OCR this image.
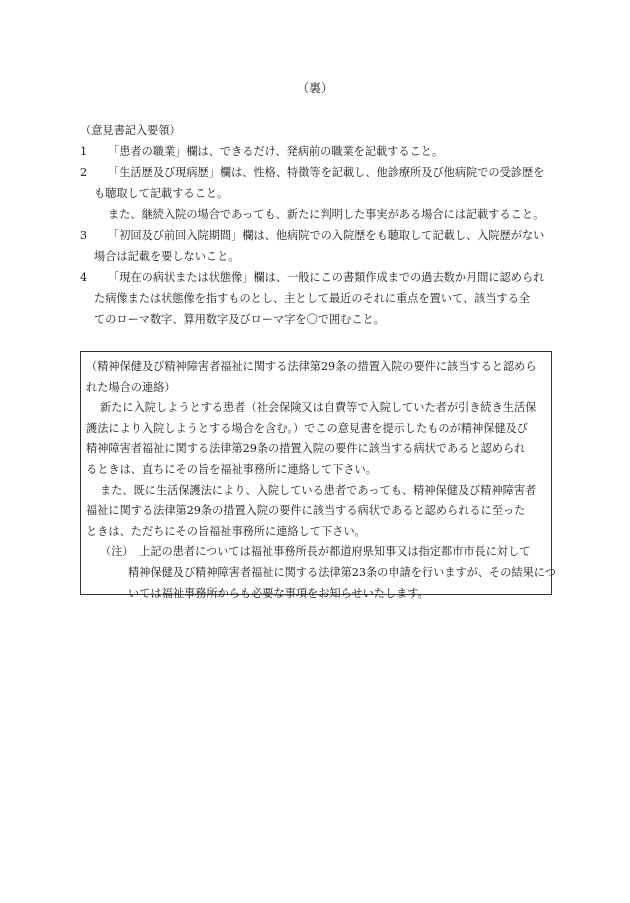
（裏）
（意見書記入要領）
1 「患者の職業」欄は、できるだけ、発病前の職業を記載すること。
2 「生活歴及び現病歴」欄は、性格、特徴等を記載し、他診療所及び他病院での受診歴を
も聴取して記載すること。
また、継続入院の場合であっても、新たに判明した事実がある場合には記載すること。
3 「初回及び前回入院期間」欄は、他病院での入院歴をも聴取して記載し、入院歴がない
場合は記載を要しないこと。
4 「現在の病状または状態像」欄は、一般にこの書類作成までの過去数か月間に認められ
た病像または状態像を指すものとし、主として最近のそれに重点を置いて、該当する全
てのローマ数字、算用数字及びローマ字を〇で囲むこと。
（精神保健及び精神障害者福祉に関する法律第29条の措置入院の要件に該当すると認めら
れた場合の連絡）
新たに入院しようとする患者（社会保険又は自費等で入院していた者が引き続き生活保
護法により入院しようとする場合を含む。）でこの意見書を提示したものが精神保健及び
精神障害者福祉に関する法律第29条の措置入院の要件に該当する病状であると認められ
るときは、直ちにその旨を福祉事務所に連絡して下さい。
また、既に生活保護法により、入院している患者であっても、精神保健及び精神障害者
福祉に関する法律第29条の措置入院の要件に該当する病状であると認められるに至った
ときは、ただちにその旨福祉事務所に連絡して下さい。
（注）　上記の患者については福祉事務所長が都道府県知事又は指定都市市長に対して
精神保健及び精神障害者福祉に関する法律第23条の申請を行いますが、その結果につ
いては福祉事務所からも必要な事項をお知らせいたします。
